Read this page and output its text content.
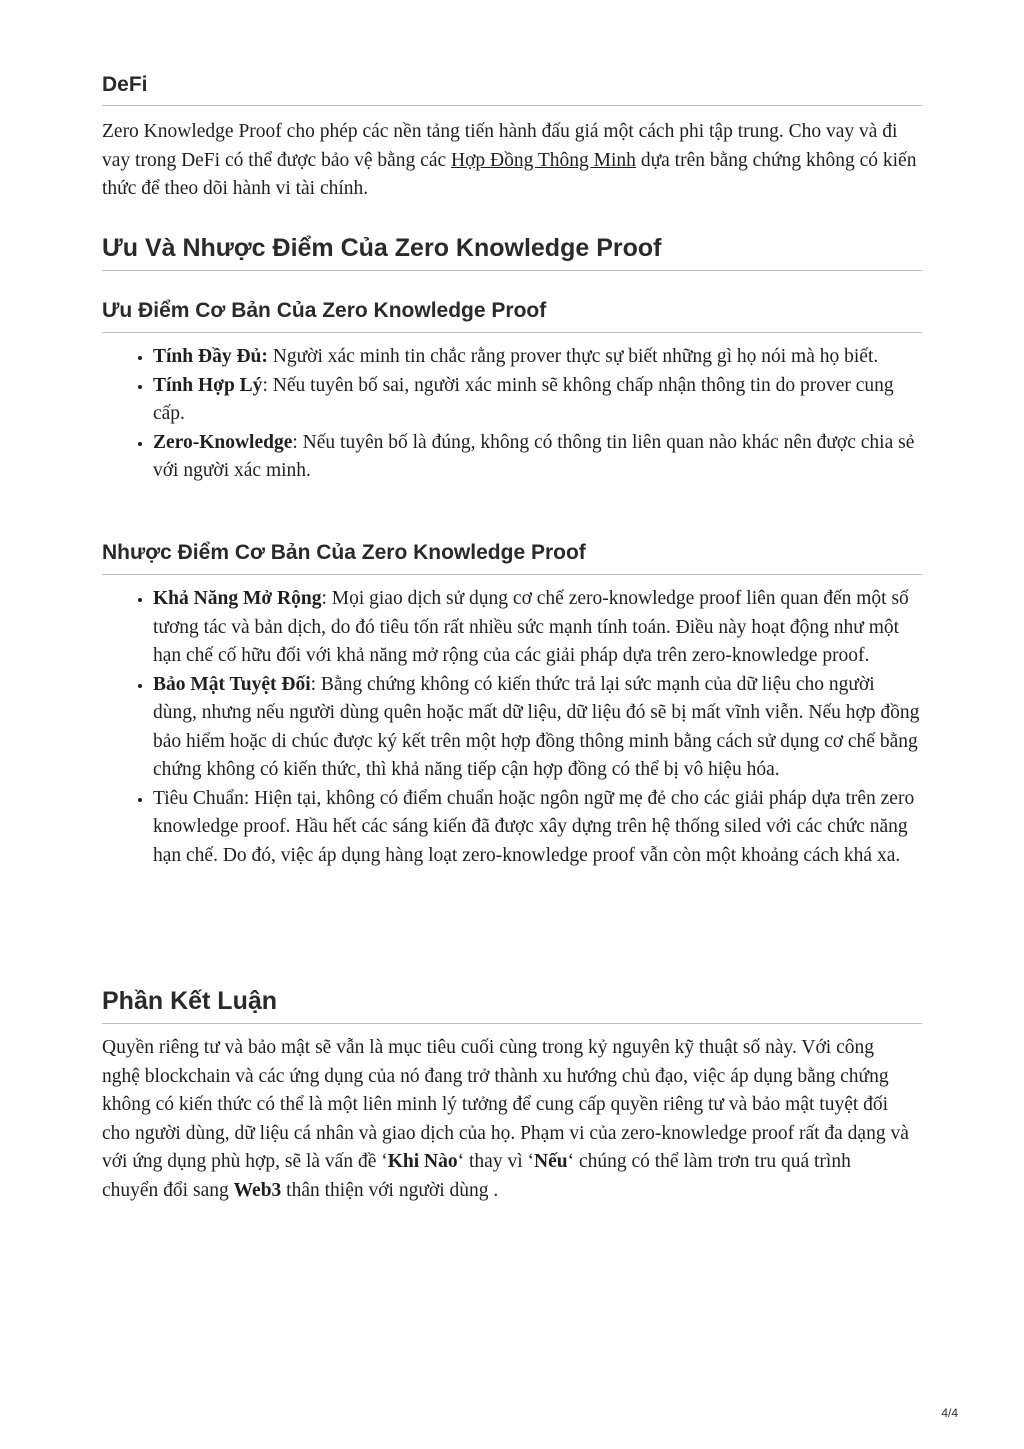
DeFi

Zero Knowledge Proof cho phép các nền tảng tiến hành đấu giá một cách phi tập trung. Cho vay và đi vay trong DeFi có thể được bảo vệ bằng các Hợp Đồng Thông Minh dựa trên bằng chứng không có kiến thức để theo dõi hành vi tài chính.

Ưu Và Nhược Điểm Của Zero Knowledge Proof
Ưu Điểm Cơ Bản Của Zero Knowledge Proof
• Tính Đầy Đủ: Người xác minh tin chắc rằng prover thực sự biết những gì họ nói mà họ biết.
• Tính Hợp Lý: Nếu tuyên bố sai, người xác minh sẽ không chấp nhận thông tin do prover cung cấp.
• Zero-Knowledge: Nếu tuyên bố là đúng, không có thông tin liên quan nào khác nên được chia sẻ với người xác minh.
Nhược Điểm Cơ Bản Của Zero Knowledge Proof
• Khả Năng Mở Rộng: Mọi giao dịch sử dụng cơ chế zero-knowledge proof liên quan đến một số tương tác và bản dịch, do đó tiêu tốn rất nhiều sức mạnh tính toán. Điều này hoạt động như một hạn chế cố hữu đối với khả năng mở rộng của các giải pháp dựa trên zero-knowledge proof.
• Bảo Mật Tuyệt Đối: Bằng chứng không có kiến thức trả lại sức mạnh của dữ liệu cho người dùng, nhưng nếu người dùng quên hoặc mất dữ liệu, dữ liệu đó sẽ bị mất vĩnh viễn. Nếu hợp đồng bảo hiểm hoặc di chúc được ký kết trên một hợp đồng thông minh bằng cách sử dụng cơ chế bằng chứng không có kiến thức, thì khả năng tiếp cận hợp đồng có thể bị vô hiệu hóa.
• Tiêu Chuẩn: Hiện tại, không có điểm chuẩn hoặc ngôn ngữ mẹ đẻ cho các giải pháp dựa trên zero knowledge proof. Hầu hết các sáng kiến đã được xây dựng trên hệ thống siled với các chức năng hạn chế. Do đó, việc áp dụng hàng loạt zero-knowledge proof vẫn còn một khoảng cách khá xa.
Phần Kết Luận

Quyền riêng tư và bảo mật sẽ vẫn là mục tiêu cuối cùng trong kỷ nguyên kỹ thuật số này. Với công nghệ blockchain và các ứng dụng của nó đang trở thành xu hướng chủ đạo, việc áp dụng bằng chứng không có kiến thức có thể là một liên minh lý tưởng để cung cấp quyền riêng tư và bảo mật tuyệt đối cho người dùng, dữ liệu cá nhân và giao dịch của họ. Phạm vi của zero-knowledge proof rất đa dạng và với ứng dụng phù hợp, sẽ là vấn đề ‘Khi Nào‘ thay vì ‘Nếu‘ chúng có thể làm trơn tru quá trình chuyển đổi sang Web3 thân thiện với người dùng .

4/4
